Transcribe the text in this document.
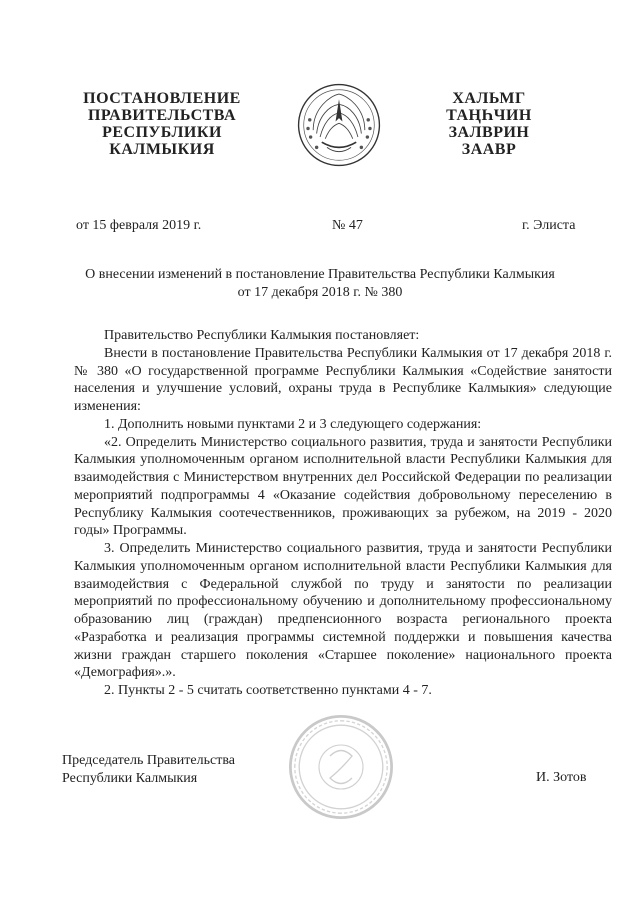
ПОСТАНОВЛЕНИЕ
ПРАВИТЕЛЬСТВА
РЕСПУБЛИКИ
КАЛМЫКИЯ
ХАЛЬМГ
ТАҢҺЧИН
ЗАЛВРИН
ЗААВР
от 15 февраля 2019 г.	№ 47	г. Элиста
О внесении изменений в постановление Правительства Республики Калмыкия
от 17 декабря 2018 г. № 380

Правительство Республики Калмыкия постановляет:

Внести в постановление Правительства Республики Калмыкия от 17 декабря 2018 г. № 380 «О государственной программе Республики Калмыкия «Содействие занятости населения и улучшение условий, охраны труда в Республике Калмыкия» следующие изменения:

1. Дополнить новыми пунктами 2 и 3 следующего содержания:

«2. Определить Министерство социального развития, труда и занятости Республики Калмыкия уполномоченным органом исполнительной власти Республики Калмыкия для взаимодействия с Министерством внутренних дел Российской Федерации по реализации мероприятий подпрограммы 4 «Оказание содействия добровольному переселению в Республику Калмыкия соотечественников, проживающих за рубежом, на 2019 - 2020 годы» Программы.

3. Определить Министерство социального развития, труда и занятости Республики Калмыкия уполномоченным органом исполнительной власти Республики Калмыкия для взаимодействия с Федеральной службой по труду и занятости по реализации мероприятий по профессиональному обучению и дополнительному профессиональному образованию лиц (граждан) предпенсионного возраста регионального проекта «Разработка и реализация программы системной поддержки и повышения качества жизни граждан старшего поколения «Старшее поколение» национального проекта «Демография».».

2. Пункты 2 - 5 считать соответственно пунктами 4 - 7.

Председатель Правительства
Республики Калмыкия	И. Зотов
